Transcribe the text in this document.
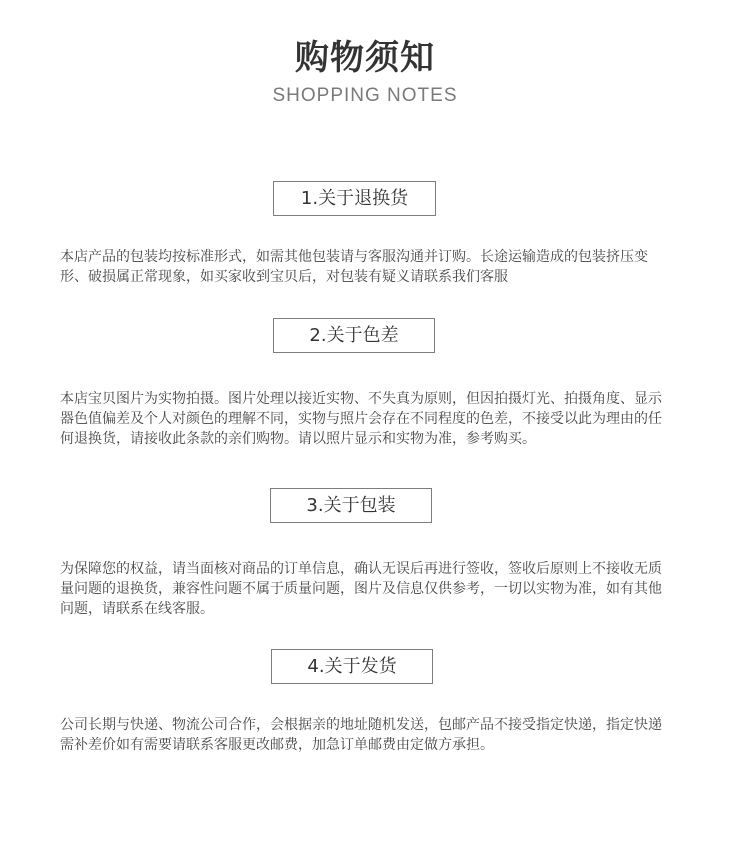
购物须知
SHOPPING NOTES
1.关于退换货

本店产品的包装均按标准形式，如需其他包装请与客服沟通并订购。长途运输造成的包装挤压变形、破损属正常现象，如买家收到宝贝后，对包装有疑义请联系我们客服

2.关于色差

本店宝贝图片为实物拍摄。图片处理以接近实物、不失真为原则，但因拍摄灯光、拍摄角度、显示器色值偏差及个人对颜色的理解不同，实物与照片会存在不同程度的色差，不接受以此为理由的任何退换货，请接收此条款的亲们购物。请以照片显示和实物为准，参考购买。

3.关于包装

为保障您的权益，请当面核对商品的订单信息，确认无误后再进行签收，签收后原则上不接收无质量问题的退换货，兼容性问题不属于质量问题，图片及信息仅供参考，一切以实物为准，如有其他问题，请联系在线客服。

4.关于发货

公司长期与快递、物流公司合作，会根据亲的地址随机发送，包邮产品不接受指定快递，指定快递需补差价如有需要请联系客服更改邮费，加急订单邮费由定做方承担。
